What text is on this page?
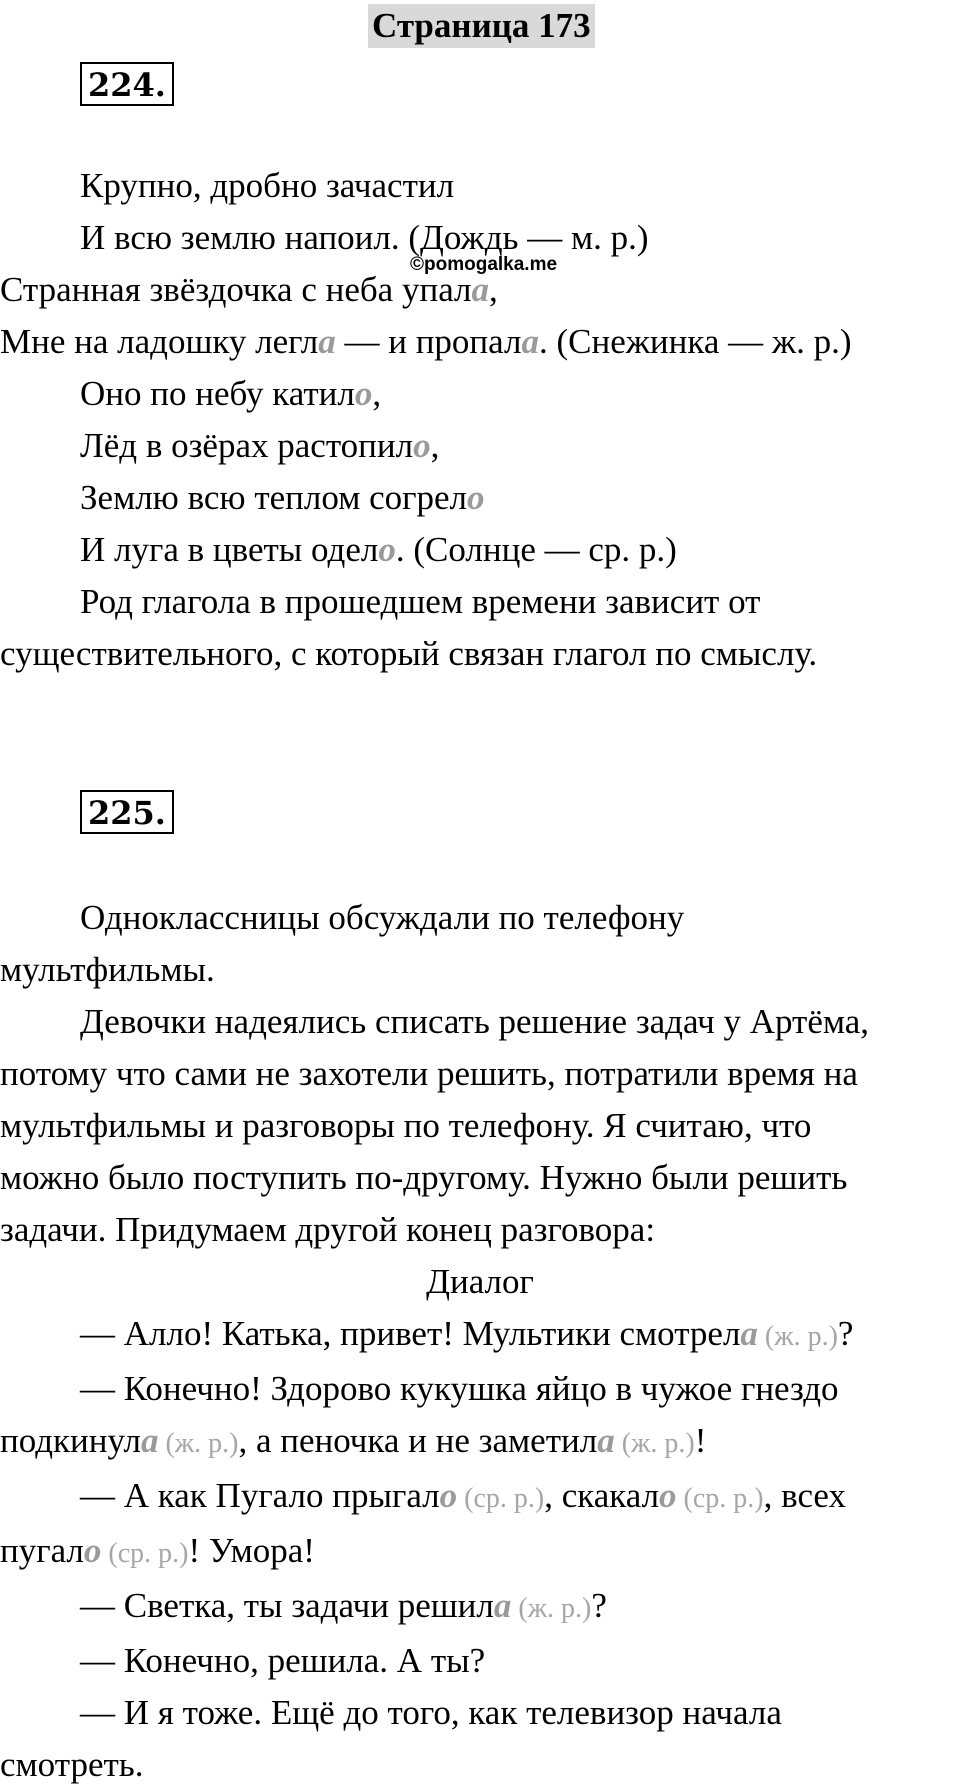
Страница 173
224.
©pomogalka.me

Крупно, дробно зачастил

И всю землю напоил. (Дождь — м. р.)

Странная звёздочка с неба упала,

Мне на ладошку легла — и пропала. (Снежинка — ж. р.)

Оно по небу катило,

Лёд в озёрах растопило,

Землю всю теплом согрело

И луга в цветы одело. (Солнце — ср. р.)

Род глагола в прошедшем времени зависит от

существительного, с который связан глагол по смыслу.

225.

Одноклассницы обсуждали по телефону

мультфильмы.

Девочки надеялись списать решение задач у Артёма,

потому что сами не захотели решить, потратили время на

мультфильмы и разговоры по телефону. Я считаю, что

можно было поступить по-другому. Нужно были решить

задачи. Придумаем другой конец разговора:

Диалог

— Алло! Катька, привет! Мультики смотрела (ж. р.)?

— Конечно! Здорово кукушка яйцо в чужое гнездо

подкинула (ж. р.), а пеночка и не заметила (ж. р.)!

— А как Пугало прыгало (ср. р.), скакало (ср. р.), всех

пугало (ср. р.)! Умора!

— Светка, ты задачи решила (ж. р.)?

— Конечно, решила. А ты?

— И я тоже. Ещё до того, как телевизор начала

смотреть.
